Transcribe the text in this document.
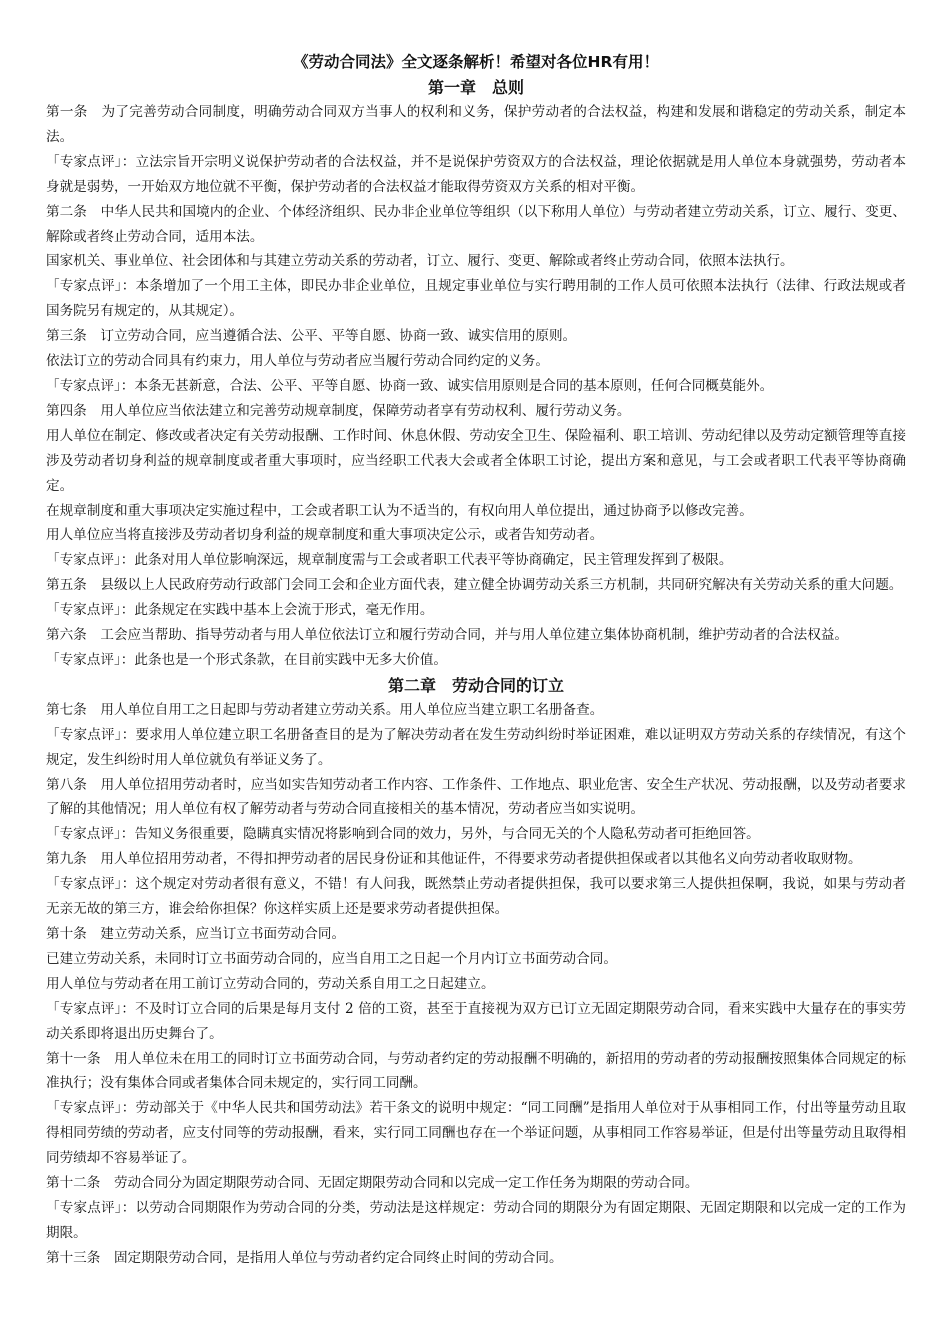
《劳动合同法》全文逐条解析！希望对各位HR有用！

第一章　总则

第一条　为了完善劳动合同制度，明确劳动合同双方当事人的权利和义务，保护劳动者的合法权益，构建和发展和谐稳定的劳动关系，制定本法。

「专家点评」：立法宗旨开宗明义说保护劳动者的合法权益，并不是说保护劳资双方的合法权益，理论依据就是用人单位本身就强势，劳动者本身就是弱势，一开始双方地位就不平衡，保护劳动者的合法权益才能取得劳资双方关系的相对平衡。

第二条　中华人民共和国境内的企业、个体经济组织、民办非企业单位等组织（以下称用人单位）与劳动者建立劳动关系，订立、履行、变更、解除或者终止劳动合同，适用本法。

国家机关、事业单位、社会团体和与其建立劳动关系的劳动者，订立、履行、变更、解除或者终止劳动合同，依照本法执行。

「专家点评」：本条增加了一个用工主体，即民办非企业单位，且规定事业单位与实行聘用制的工作人员可依照本法执行（法律、行政法规或者国务院另有规定的，从其规定）。

第三条　订立劳动合同，应当遵循合法、公平、平等自愿、协商一致、诚实信用的原则。

依法订立的劳动合同具有约束力，用人单位与劳动者应当履行劳动合同约定的义务。

「专家点评」：本条无甚新意，合法、公平、平等自愿、协商一致、诚实信用原则是合同的基本原则，任何合同概莫能外。

第四条　用人单位应当依法建立和完善劳动规章制度，保障劳动者享有劳动权利、履行劳动义务。

用人单位在制定、修改或者决定有关劳动报酬、工作时间、休息休假、劳动安全卫生、保险福利、职工培训、劳动纪律以及劳动定额管理等直接涉及劳动者切身利益的规章制度或者重大事项时，应当经职工代表大会或者全体职工讨论，提出方案和意见，与工会或者职工代表平等协商确定。

在规章制度和重大事项决定实施过程中，工会或者职工认为不适当的，有权向用人单位提出，通过协商予以修改完善。

用人单位应当将直接涉及劳动者切身利益的规章制度和重大事项决定公示，或者告知劳动者。

「专家点评」：此条对用人单位影响深远，规章制度需与工会或者职工代表平等协商确定，民主管理发挥到了极限。

第五条　县级以上人民政府劳动行政部门会同工会和企业方面代表，建立健全协调劳动关系三方机制，共同研究解决有关劳动关系的重大问题。

「专家点评」：此条规定在实践中基本上会流于形式，毫无作用。

第六条　工会应当帮助、指导劳动者与用人单位依法订立和履行劳动合同，并与用人单位建立集体协商机制，维护劳动者的合法权益。

「专家点评」：此条也是一个形式条款，在目前实践中无多大价值。

第二章　劳动合同的订立

第七条　用人单位自用工之日起即与劳动者建立劳动关系。用人单位应当建立职工名册备查。

「专家点评」：要求用人单位建立职工名册备查目的是为了解决劳动者在发生劳动纠纷时举证困难，难以证明双方劳动关系的存续情况，有这个规定，发生纠纷时用人单位就负有举证义务了。

第八条　用人单位招用劳动者时，应当如实告知劳动者工作内容、工作条件、工作地点、职业危害、安全生产状况、劳动报酬，以及劳动者要求了解的其他情况；用人单位有权了解劳动者与劳动合同直接相关的基本情况，劳动者应当如实说明。

「专家点评」：告知义务很重要，隐瞒真实情况将影响到合同的效力，另外，与合同无关的个人隐私劳动者可拒绝回答。

第九条　用人单位招用劳动者，不得扣押劳动者的居民身份证和其他证件，不得要求劳动者提供担保或者以其他名义向劳动者收取财物。

「专家点评」：这个规定对劳动者很有意义，不错！有人问我，既然禁止劳动者提供担保，我可以要求第三人提供担保啊，我说，如果与劳动者无亲无故的第三方，谁会给你担保？你这样实质上还是要求劳动者提供担保。

第十条　建立劳动关系，应当订立书面劳动合同。

已建立劳动关系，未同时订立书面劳动合同的，应当自用工之日起一个月内订立书面劳动合同。

用人单位与劳动者在用工前订立劳动合同的，劳动关系自用工之日起建立。

「专家点评」：不及时订立合同的后果是每月支付 2 倍的工资，甚至于直接视为双方已订立无固定期限劳动合同，看来实践中大量存在的事实劳动关系即将退出历史舞台了。

第十一条　用人单位未在用工的同时订立书面劳动合同，与劳动者约定的劳动报酬不明确的，新招用的劳动者的劳动报酬按照集体合同规定的标准执行；没有集体合同或者集体合同未规定的，实行同工同酬。

「专家点评」：劳动部关于《中华人民共和国劳动法》若干条文的说明中规定：“同工同酬”是指用人单位对于从事相同工作，付出等量劳动且取得相同劳绩的劳动者，应支付同等的劳动报酬，看来，实行同工同酬也存在一个举证问题，从事相同工作容易举证，但是付出等量劳动且取得相同劳绩却不容易举证了。

第十二条　劳动合同分为固定期限劳动合同、无固定期限劳动合同和以完成一定工作任务为期限的劳动合同。

「专家点评」：以劳动合同期限作为劳动合同的分类，劳动法是这样规定：劳动合同的期限分为有固定期限、无固定期限和以完成一定的工作为期限。

第十三条　固定期限劳动合同，是指用人单位与劳动者约定合同终止时间的劳动合同。
